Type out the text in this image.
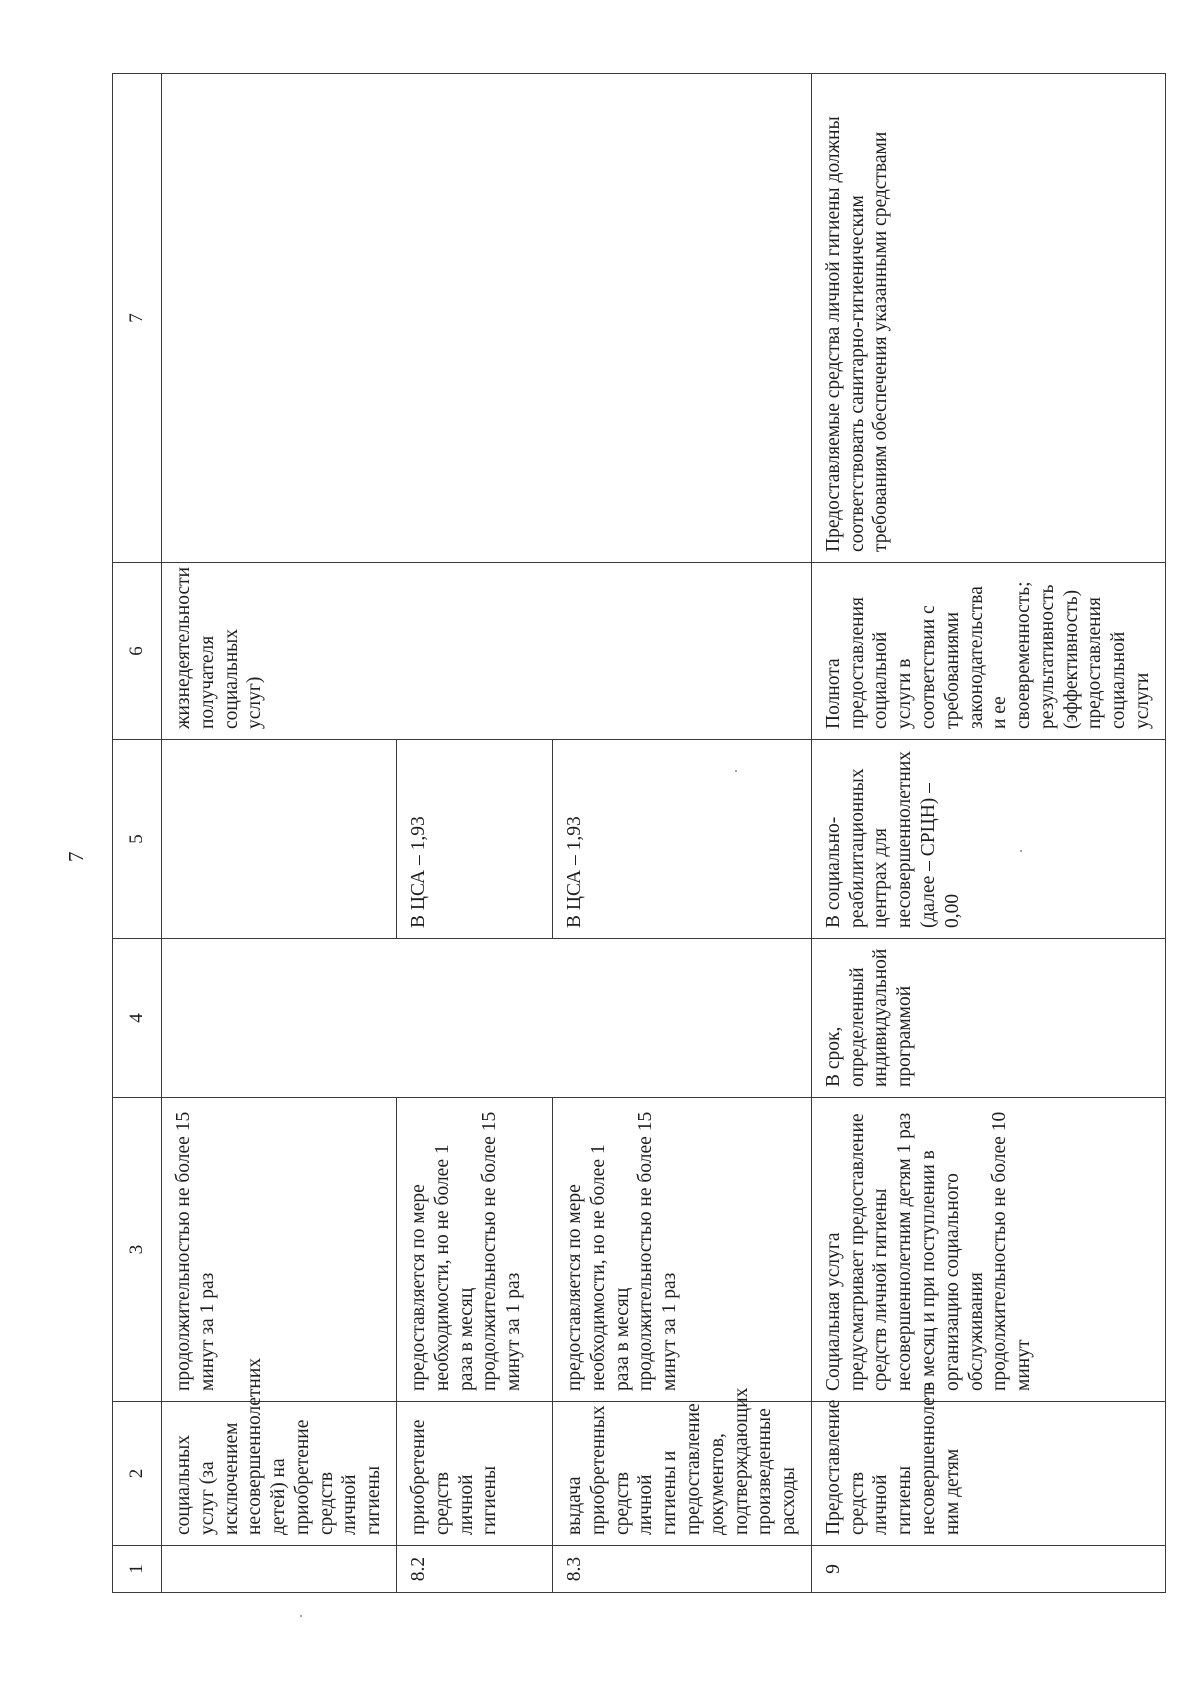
7
1	2	3	4	5	6	7
	социальных услуг (за исключением несовершеннолетних детей) на приобретение средств личной гигиены	продолжительностью не более 15 минут за 1 раз			жизнедеятельности получателя социальных услуг)	
8.2	приобретение средств личной гигиены	предоставляется по мере необходимости, но не более 1 раза в месяц продолжительностью не более 15 минут за 1 раз		В ЦСА – 1,93		
8.3	выдача приобретенных средств личной гигиены и предоставление документов, подтверждающих произведенные расходы	предоставляется по мере необходимости, но не более 1 раза в месяц продолжительностью не более 15 минут за 1 раз		В ЦСА – 1,93		
9	Предоставление средств личной гигиены несовершеннолет-ним детям	Социальная услуга предусматривает предоставление средств личной гигиены несовершеннолетним детям 1 раз в месяц и при поступлении в организацию социального обслуживания продолжительностью не более 10 минут	В срок, определенный индивидуальной программой	В социально-реабилитационных центрах для несовершеннолетних (далее – СРЦН) – 0,00	Полнота предоставления социальной услуги в соответствии с требованиями законодательства и ее своевременность; результативность (эффективность) предоставления социальной услуги	Предоставляемые средства личной гигиены должны соответствовать санитарно-гигиеническим требованиям обеспечения указанными средствами
